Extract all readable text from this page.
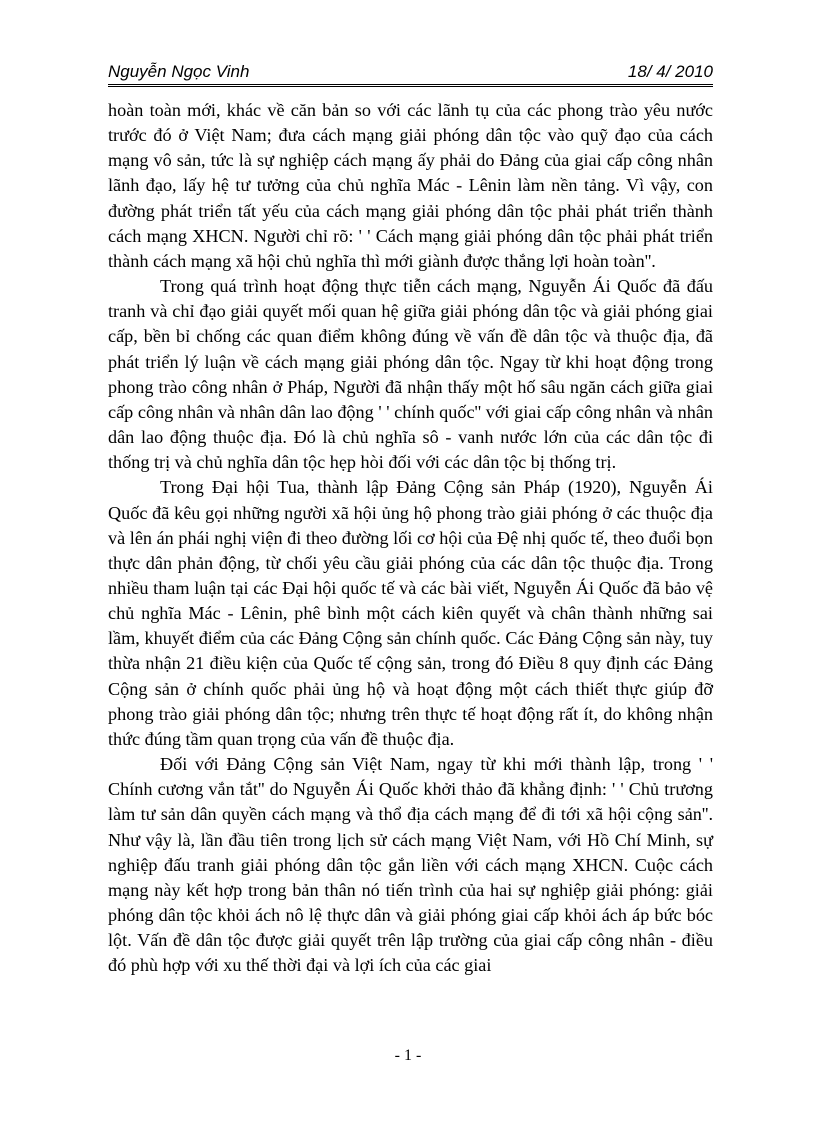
Nguyễn Ngọc Vinh	18/ 4/ 2010

hoàn toàn mới, khác về căn bản so với các lãnh tụ của các phong trào yêu nước trước đó ở Việt Nam; đưa cách mạng giải phóng dân tộc vào quỹ đạo của cách mạng vô sản, tức là sự nghiệp cách mạng ấy phải do Đảng của giai cấp công nhân lãnh đạo, lấy hệ tư tưởng của chủ nghĩa Mác - Lênin làm nền tảng. Vì vậy, con đường phát triển tất yếu của cách mạng giải phóng dân tộc phải phát triển thành cách mạng XHCN. Người chỉ rõ: ' ' Cách mạng giải phóng dân tộc phải phát triển thành cách mạng xã hội chủ nghĩa thì mới giành được thắng lợi hoàn toàn''.

Trong quá trình hoạt động thực tiễn cách mạng, Nguyễn Ái Quốc đã đấu tranh và chỉ đạo giải quyết mối quan hệ giữa giải phóng dân tộc và giải phóng giai cấp, bền bỉ chống các quan điểm không đúng về vấn đề dân tộc và thuộc địa, đã phát triển lý luận về cách mạng giải phóng dân tộc. Ngay từ khi hoạt động trong phong trào công nhân ở Pháp, Người đã nhận thấy một hố sâu ngăn cách giữa giai cấp công nhân và nhân dân lao động ' ' chính quốc'' với giai cấp công nhân và nhân dân lao động thuộc địa. Đó là chủ nghĩa sô - vanh nước lớn của các dân tộc đi thống trị và chủ nghĩa dân tộc hẹp hòi đối với các dân tộc bị thống trị.

Trong Đại hội Tua, thành lập Đảng Cộng sản Pháp (1920), Nguyễn Ái Quốc đã kêu gọi những người xã hội ủng hộ phong trào giải phóng ở các thuộc địa và lên án phái nghị viện đi theo đường lối cơ hội của Đệ nhị quốc tế, theo đuổi bọn thực dân phản động, từ chối yêu cầu giải phóng của các dân tộc thuộc địa. Trong nhiều tham luận tại các Đại hội quốc tế và các bài viết, Nguyễn Ái Quốc đã bảo vệ chủ nghĩa Mác - Lênin, phê bình một cách kiên quyết và chân thành những sai lầm, khuyết điểm của các Đảng Cộng sản chính quốc. Các Đảng Cộng sản này, tuy thừa nhận 21 điều kiện của Quốc tế cộng sản, trong đó Điều 8 quy định các Đảng Cộng sản ở chính quốc phải ủng hộ và hoạt động một cách thiết thực giúp đỡ phong trào giải phóng dân tộc; nhưng trên thực tế hoạt động rất ít, do không nhận thức đúng tầm quan trọng của vấn đề thuộc địa.

Đối với Đảng Cộng sản Việt Nam, ngay từ khi mới thành lập, trong ' ' Chính cương vắn tắt'' do Nguyễn Ái Quốc khởi thảo đã khẳng định: ' ' Chủ trương làm tư sản dân quyền cách mạng và thổ địa cách mạng để đi tới xã hội cộng sản''. Như vậy là, lần đầu tiên trong lịch sử cách mạng Việt Nam, với Hồ Chí Minh, sự nghiệp đấu tranh giải phóng dân tộc gắn liền với cách mạng XHCN. Cuộc cách mạng này kết hợp trong bản thân nó tiến trình của hai sự nghiệp giải phóng: giải phóng dân tộc khỏi ách nô lệ thực dân và giải phóng giai cấp khỏi ách áp bức bóc lột. Vấn đề dân tộc được giải quyết trên lập trường của giai cấp công nhân - điều đó phù hợp với xu thế thời đại và lợi ích của các giai

- 1 -
